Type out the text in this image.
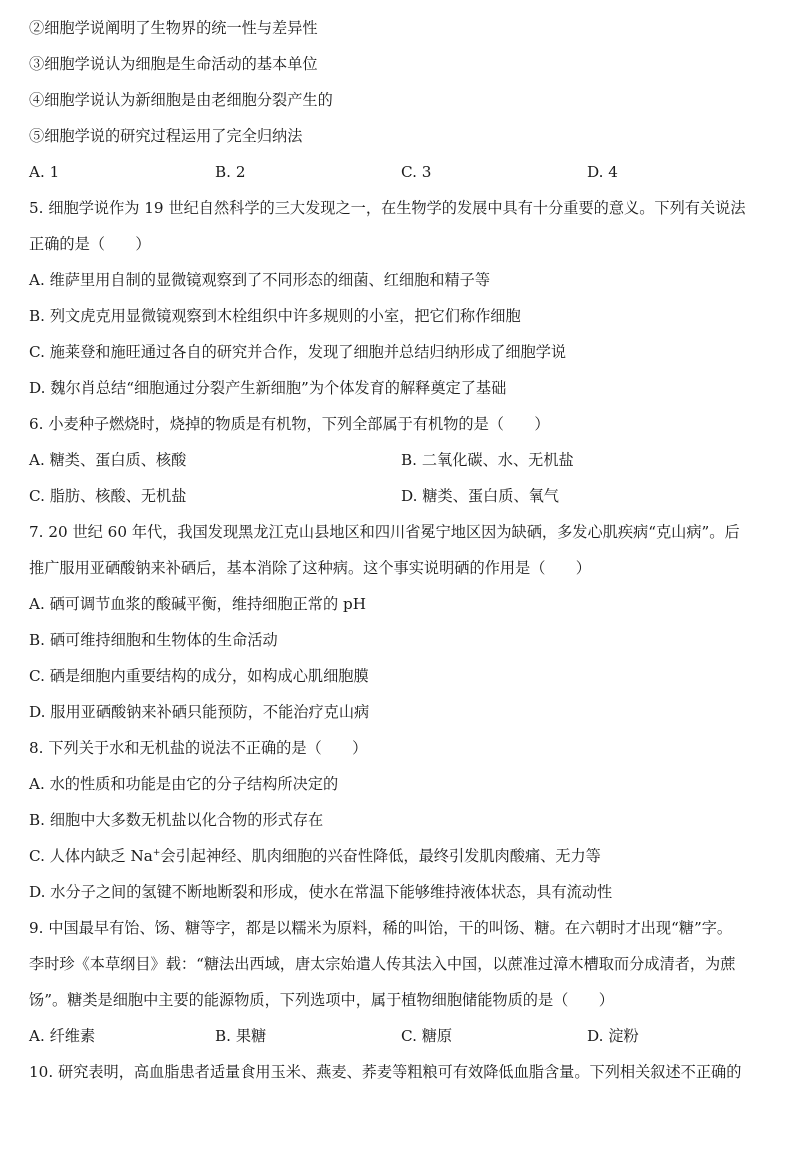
②细胞学说阐明了生物界的统一性与差异性
③细胞学说认为细胞是生命活动的基本单位
④细胞学说认为新细胞是由老细胞分裂产生的
⑤细胞学说的研究过程运用了完全归纳法
A. 1	B. 2	C. 3	D. 4
5. 细胞学说作为 19 世纪自然科学的三大发现之一，在生物学的发展中具有十分重要的意义。下列有关说法
正确的是（　　）
A. 维萨里用自制的显微镜观察到了不同形态的细菌、红细胞和精子等
B. 列文虎克用显微镜观察到木栓组织中许多规则的小室，把它们称作细胞
C. 施莱登和施旺通过各自的研究并合作，发现了细胞并总结归纳形成了细胞学说
D. 魏尔肖总结“细胞通过分裂产生新细胞”为个体发育的解释奠定了基础
6. 小麦种子燃烧时，烧掉的物质是有机物，下列全部属于有机物的是（　　）
A. 糖类、蛋白质、核酸	B. 二氧化碳、水、无机盐
C. 脂肪、核酸、无机盐	D. 糖类、蛋白质、氧气
7. 20 世纪 60 年代，我国发现黑龙江克山县地区和四川省冕宁地区因为缺硒，多发心肌疾病“克山病”。后
推广服用亚硒酸钠来补硒后，基本消除了这种病。这个事实说明硒的作用是（　　）
A. 硒可调节血浆的酸碱平衡，维持细胞正常的 pH
B. 硒可维持细胞和生物体的生命活动
C. 硒是细胞内重要结构的成分，如构成心肌细胞膜
D. 服用亚硒酸钠来补硒只能预防，不能治疗克山病
8. 下列关于水和无机盐的说法不正确的是（　　）
A. 水的性质和功能是由它的分子结构所决定的
B. 细胞中大多数无机盐以化合物的形式存在
C. 人体内缺乏 Na+会引起神经、肌肉细胞的兴奋性降低，最终引发肌肉酸痛、无力等
D. 水分子之间的氢键不断地断裂和形成，使水在常温下能够维持液体状态，具有流动性
9. 中国最早有饴、饧、糖等字，都是以糯米为原料，稀的叫饴，干的叫饧、糖。在六朝时才出现“糖”字。
李时珍《本草纲目》载：“糖法出西域，唐太宗始遣人传其法入中国，以蔗准过漳木槽取而分成清者，为蔗
饧”。糖类是细胞中主要的能源物质，下列选项中，属于植物细胞储能物质的是（　　）
A. 纤维素	B. 果糖	C. 糖原	D. 淀粉
10. 研究表明，高血脂患者适量食用玉米、燕麦、荞麦等粗粮可有效降低血脂含量。下列相关叙述不正确的
